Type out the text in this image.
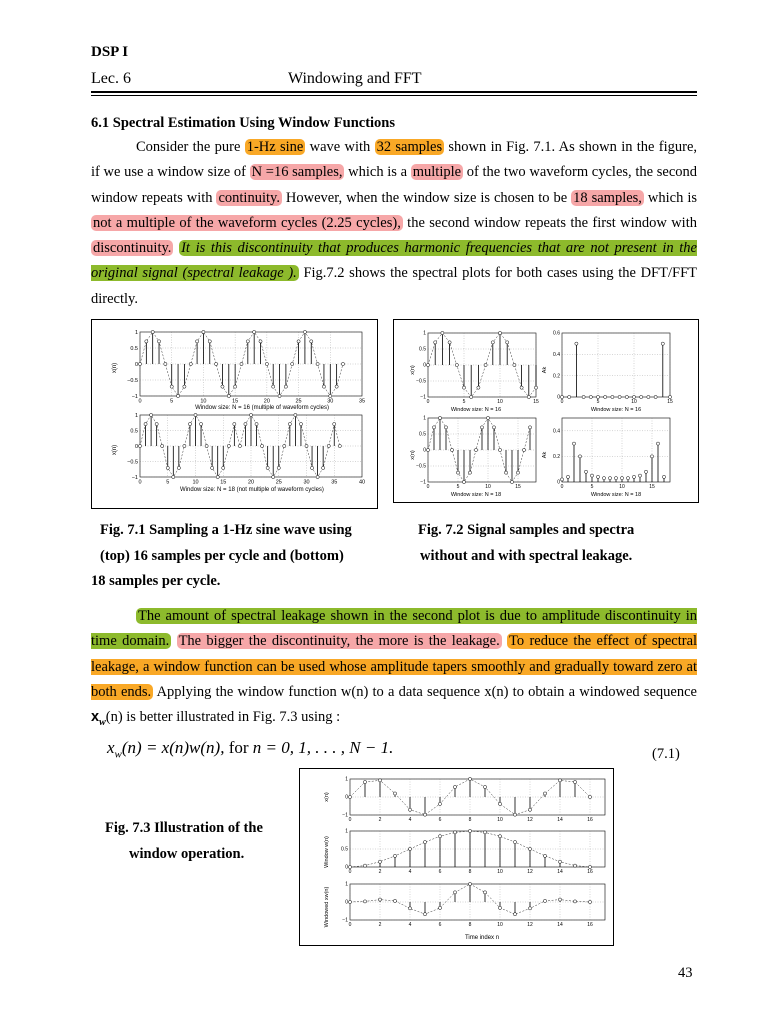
DSP I
Lec. 6	Windowing and FFT
6.1 Spectral Estimation Using Window Functions
Consider the pure 1-Hz sine wave with 32 samples shown in Fig. 7.1. As shown in the figure, if we use a window size of N =16 samples, which is a multiple of the two waveform cycles, the second window repeats with continuity. However, when the window size is chosen to be 18 samples, which is not a multiple of the waveform cycles (2.25 cycles), the second window repeats the first window with discontinuity. It is this discontinuity that produces harmonic frequencies that are not present in the original signal (spectral leakage ). Fig.7.2 shows the spectral plots for both cases using the DFT/FFT directly.
0	5	10	15	20	25	30	35
1
0.5
0
−0.5
−1
0	5	10	15	20	25	30	35	40
1
0.5
0
−0.5
−1
Window size: N = 16 (multiple of waveform cycles)
Window size: N = 18 (not multiple of waveform cycles)
x(n)
x(n)
0	5	10	15
1
0.5
0
−0.5
−1
0	5	10	15
0.6
0.4
0.2
0
0	5	10	15
1
0.5
0
−0.5
−1
0	5	10	15
0.4
0.2
0
Window size: N = 16	Window size: N = 16
Window size: N = 18	Window size: N = 18
x(n)
x(n)
Ak
Ak
Fig. 7.1 Sampling a 1-Hz sine wave using
(top) 16 samples per cycle and (bottom)
18 samples per cycle.
Fig. 7.2 Signal samples and spectra
without and with spectral leakage.
The amount of spectral leakage shown in the second plot is due to amplitude discontinuity in time domain. The bigger the discontinuity, the more is the leakage. To reduce the effect of spectral leakage, a window function can be used whose amplitude tapers smoothly and gradually toward zero at both ends. Applying the window function w(n) to a data sequence x(n) to obtain a windowed sequence $x_w(n)$ is better illustrated in Fig. 7.3 using :
$x_w(n) = x(n)w(n)$, for n = 0, 1, . . . , N − 1.	(7.1)
Fig. 7.3 Illustration of the
window operation.
0	2	4	6	8	10	12	14	16
1
0
−1
0	2	4	6	8	10	12	14	16
1
0.5
0
0	2	4	6	8	10	12	14	16
1
0
−1
x(n)
Window w(n)
Windowed xw(n)
Time index n
43
